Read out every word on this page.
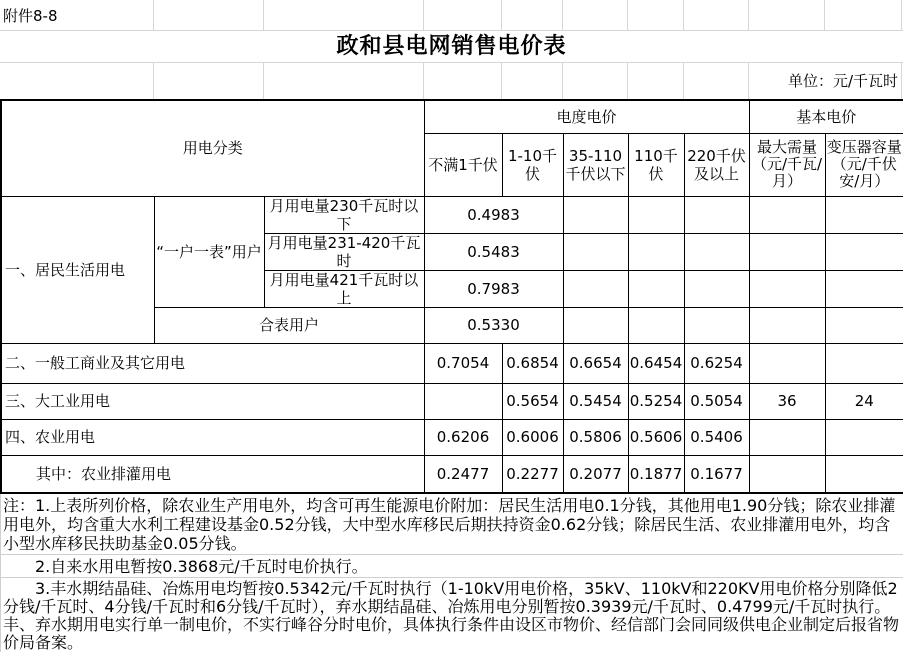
附件8-8
政和县电网销售电价表
单位：元/千瓦时
用电分类			电度电价					基本电价	
			不满1千伏	1-10千伏	35-110千伏以下	110千伏	220千伏及以上	最大需量（元/千瓦/月）	变压器容量（元/千伏安/月）

一、居民生活用电	“一户一表”用户	月用电量230千瓦时以下	0.4983						
		月用电量231-420千瓦时	0.5483						
		月用电量421千瓦时以上	0.7983						
	合表用户		0.5330						
二、一般工商业及其它用电			0.7054	0.6854	0.6654	0.6454	0.6254		
三、大工业用电				0.5654	0.5454	0.5254	0.5054	36	24
四、农业用电			0.6206	0.6006	0.5806	0.5606	0.5406		
其中：农业排灌用电			0.2477	0.2277	0.2077	0.1877	0.1677		
注：1.上表所列价格，除农业生产用电外，均含可再生能源电价附加：居民生活用电0.1分钱，其他用电1.90分钱；除农业排灌用电外，均含重大水利工程建设基金0.52分钱，大中型水库移民后期扶持资金0.62分钱；除居民生活、农业排灌用电外，均含小型水库移民扶助基金0.05分钱。
2.自来水用电暂按0.3868元/千瓦时电价执行。
3.丰水期结晶硅、冶炼用电均暂按0.5342元/千瓦时执行（1-10kV用电价格，35kV、110kV和220KV用电价格分别降低2分钱/千瓦时、4分钱/千瓦时和6分钱/千瓦时），弃水期结晶硅、冶炼用电分别暂按0.3939元/千瓦时、0.4799元/千瓦时执行。丰、弃水期用电实行单一制电价，不实行峰谷分时电价，具体执行条件由设区市物价、经信部门会同同级供电企业制定后报省物价局备案。
